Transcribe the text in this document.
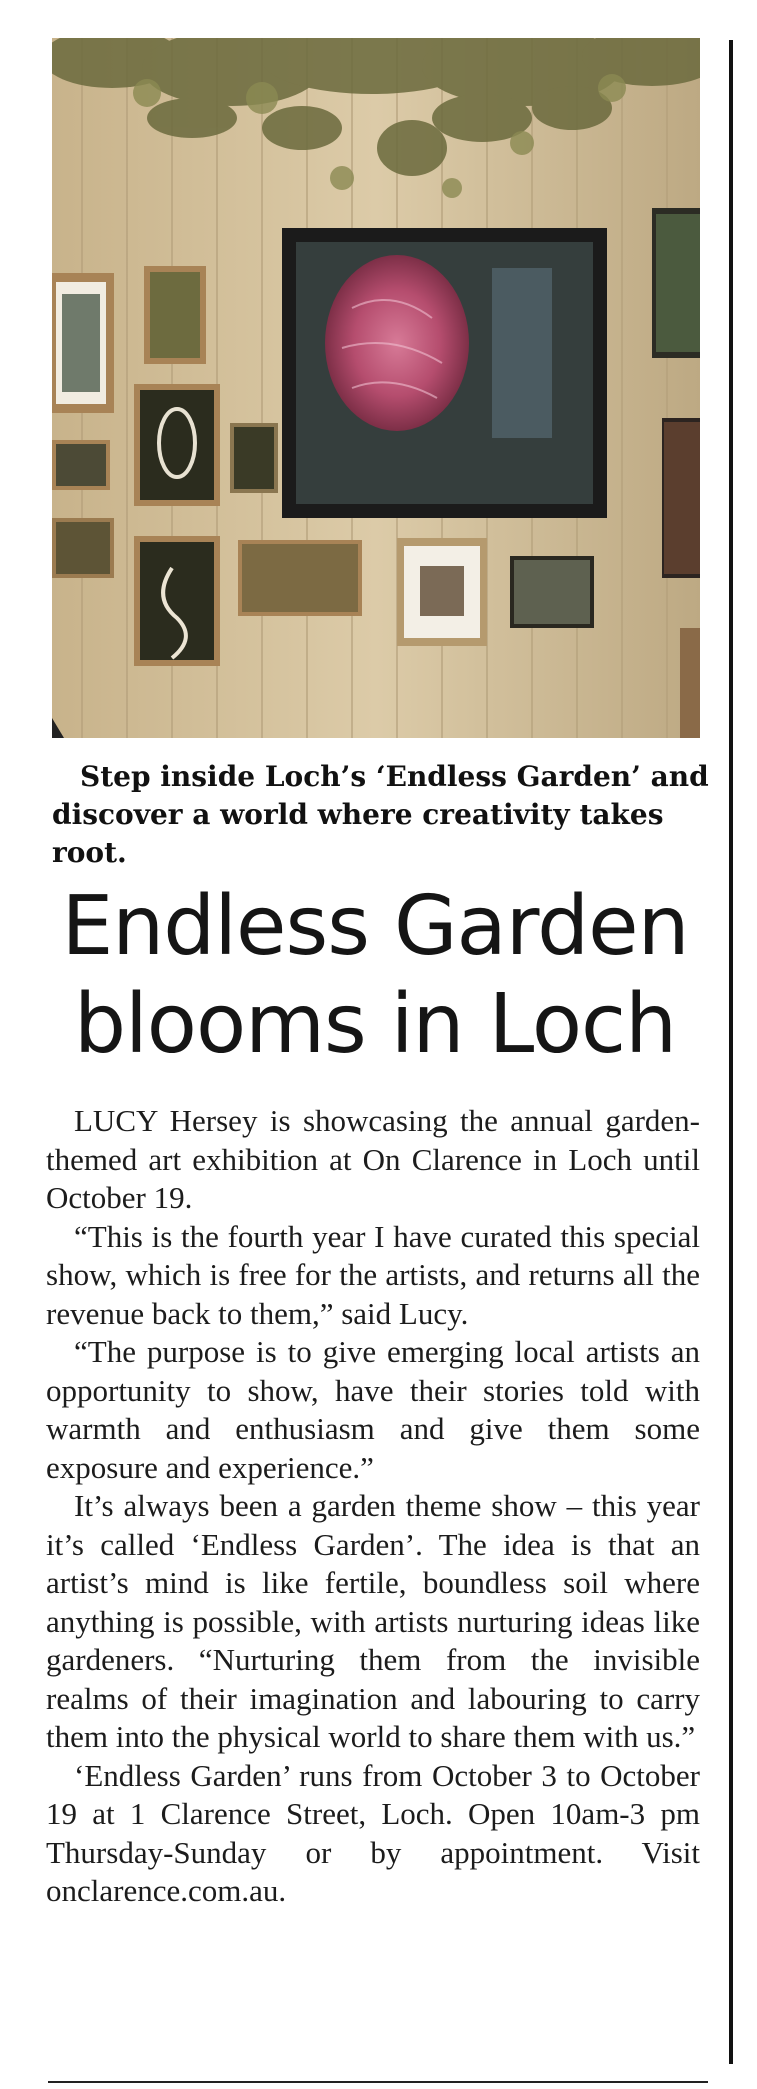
Step inside Loch’s ‘Endless Garden’ and discover a world where creativity takes root.

Endless Garden
blooms in Loch

LUCY Hersey is showcasing the annual garden-themed art exhibition at On Clarence in Loch until October 19.

“This is the fourth year I have curated this special show, which is free for the artists, and returns all the revenue back to them,” said Lucy.

“The purpose is to give emerging local artists an opportunity to show, have their stories told with warmth and enthusiasm and give them some exposure and experience.”

It’s always been a garden theme show – this year it’s called ‘Endless Garden’. The idea is that an artist’s mind is like fertile, boundless soil where anything is possible, with artists nurturing ideas like gardeners. “Nurturing them from the invisible realms of their imagination and labouring to carry them into the physical world to share them with us.”

‘Endless Garden’ runs from October 3 to October 19 at 1 Clarence Street, Loch. Open 10am-3 pm Thursday-Sunday or by appointment. Visit onclarence.com.au.
